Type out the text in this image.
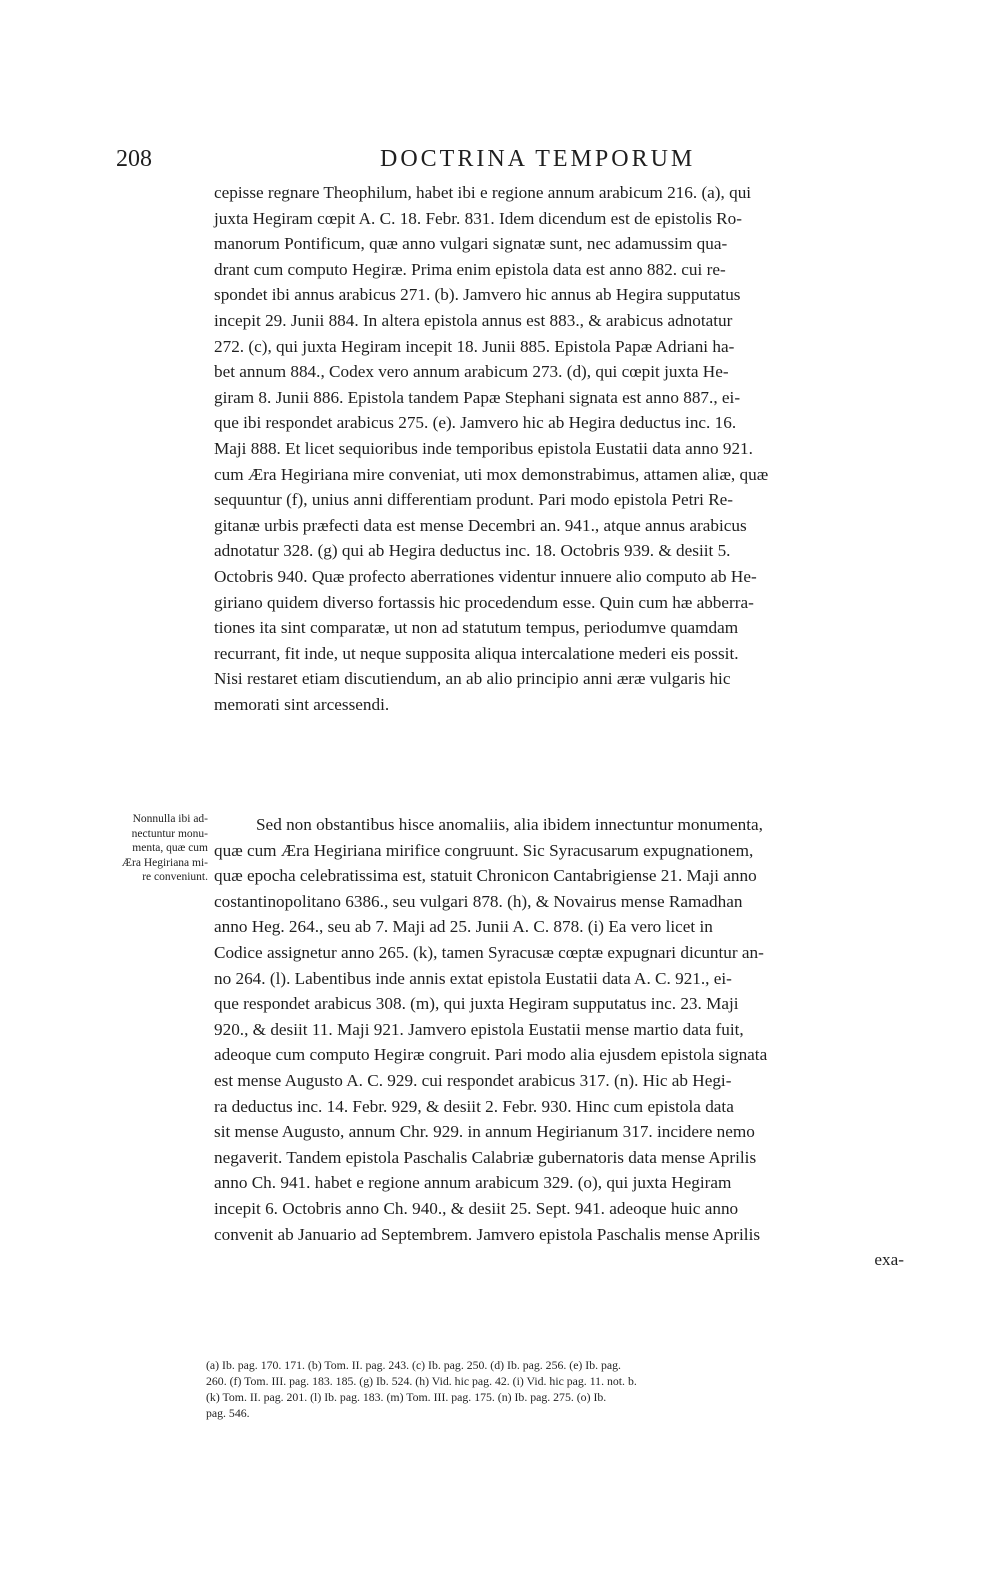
208	DOCTRINA TEMPORUM
cepisse regnare Theophilum, habet ibi e regione annum arabicum 216. (a), qui
juxta Hegiram cœpit A. C. 18. Febr. 831. Idem dicendum est de epistolis Ro-
manorum Pontificum, quæ anno vulgari signatæ sunt, nec adamussim qua-
drant cum computo Hegiræ. Prima enim epistola data est anno 882. cui re-
spondet ibi annus arabicus 271. (b). Jamvero hic annus ab Hegira supputatus
incepit 29. Junii 884. In altera epistola annus est 883., & arabicus adnotatur
272. (c), qui juxta Hegiram incepit 18. Junii 885. Epistola Papæ Adriani ha-
bet annum 884., Codex vero annum arabicum 273. (d), qui cœpit juxta He-
giram 8. Junii 886. Epistola tandem Papæ Stephani signata est anno 887., ei-
que ibi respondet arabicus 275. (e). Jamvero hic ab Hegira deductus inc. 16.
Maji 888. Et licet sequioribus inde temporibus epistola Eustatii data anno 921.
cum Æra Hegiriana mire conveniat, uti mox demonstrabimus, attamen aliæ, quæ
sequuntur (f), unius anni differentiam produnt. Pari modo epistola Petri Re-
gitanæ urbis præfecti data est mense Decembri an. 941., atque annus arabicus
adnotatur 328. (g) qui ab Hegira deductus inc. 18. Octobris 939. & desiit 5.
Octobris 940. Quæ profecto aberrationes videntur innuere alio computo ab He-
giriano quidem diverso fortassis hic procedendum esse. Quin cum hæ abberra-
tiones ita sint comparatæ, ut non ad statutum tempus, periodumve quamdam
recurrant, fit inde, ut neque supposita aliqua intercalatione mederi eis possit.
Nisi restaret etiam discutiendum, an ab alio principio anni æræ vulgaris hic
memorati sint arcessendi.
Nonnulla ibi ad-
nectuntur monu-
menta, quæ cum
Æra Hegiriana mi-
re conveniunt.
Sed non obstantibus hisce anomaliis, alia ibidem innectuntur monumenta,
quæ cum Æra Hegiriana mirifice congruunt. Sic Syracusarum expugnationem,
quæ epocha celebratissima est, statuit Chronicon Cantabrigiense 21. Maji anno
costantinopolitano 6386., seu vulgari 878. (h), & Novairus mense Ramadhan
anno Heg. 264., seu ab 7. Maji ad 25. Junii A. C. 878. (i) Ea vero licet in
Codice assignetur anno 265. (k), tamen Syracusæ cœptæ expugnari dicuntur an-
no 264. (l). Labentibus inde annis extat epistola Eustatii data A. C. 921., ei-
que respondet arabicus 308. (m), qui juxta Hegiram supputatus inc. 23. Maji
920., & desiit 11. Maji 921. Jamvero epistola Eustatii mense martio data fuit,
adeoque cum computo Hegiræ congruit. Pari modo alia ejusdem epistola signata
est mense Augusto A. C. 929. cui respondet arabicus 317. (n). Hic ab Hegi-
ra deductus inc. 14. Febr. 929, & desiit 2. Febr. 930. Hinc cum epistola data
sit mense Augusto, annum Chr. 929. in annum Hegirianum 317. incidere nemo
negaverit. Tandem epistola Paschalis Calabriæ gubernatoris data mense Aprilis
anno Ch. 941. habet e regione annum arabicum 329. (o), qui juxta Hegiram
incepit 6. Octobris anno Ch. 940., & desiit 25. Sept. 941. adeoque huic anno
convenit ab Januario ad Septembrem. Jamvero epistola Paschalis mense Aprilis
exa-
(a) Ib. pag. 170. 171. (b) Tom. II. pag. 243. (c) Ib. pag. 250. (d) Ib. pag. 256. (e) Ib. pag.
260. (f) Tom. III. pag. 183. 185. (g) Ib. 524. (h) Vid. hic pag. 42. (i) Vid. hic pag. 11. not. b.
(k) Tom. II. pag. 201. (l) Ib. pag. 183. (m) Tom. III. pag. 175. (n) Ib. pag. 275. (o) Ib.
pag. 546.
